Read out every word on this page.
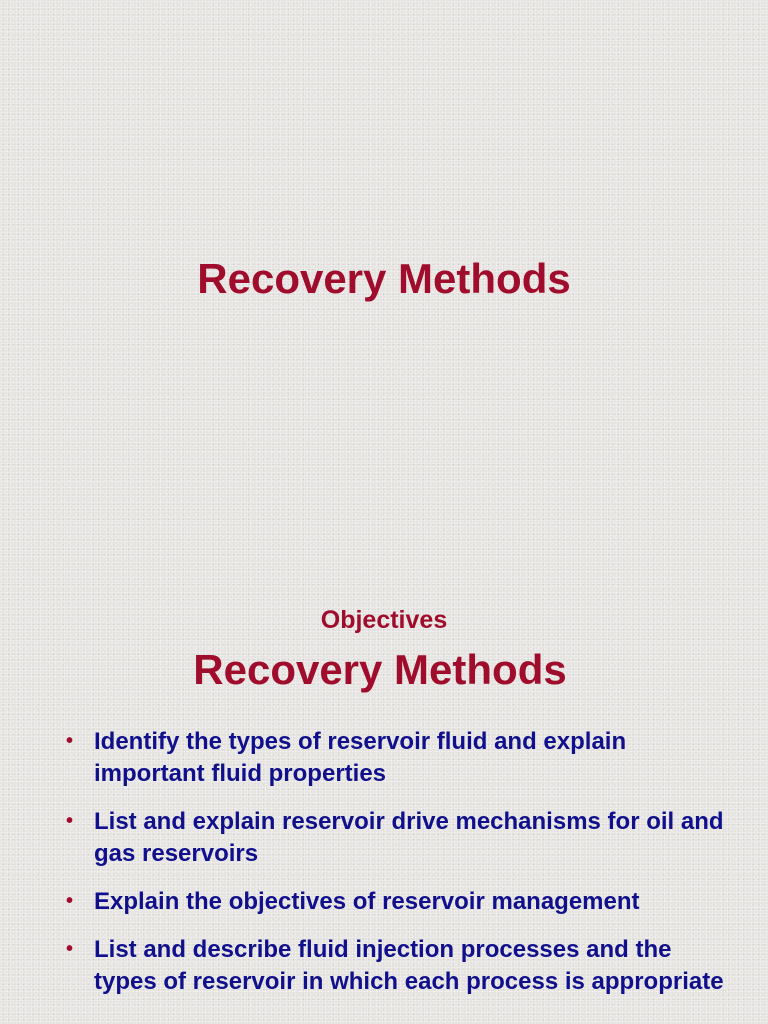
Recovery Methods
Objectives
Recovery Methods
• Identify the types of reservoir fluid and explain important fluid properties
• List and explain reservoir drive mechanisms for oil and gas reservoirs
• Explain the objectives of reservoir management
• List and describe fluid injection processes and the types of reservoir in which each process is appropriate
